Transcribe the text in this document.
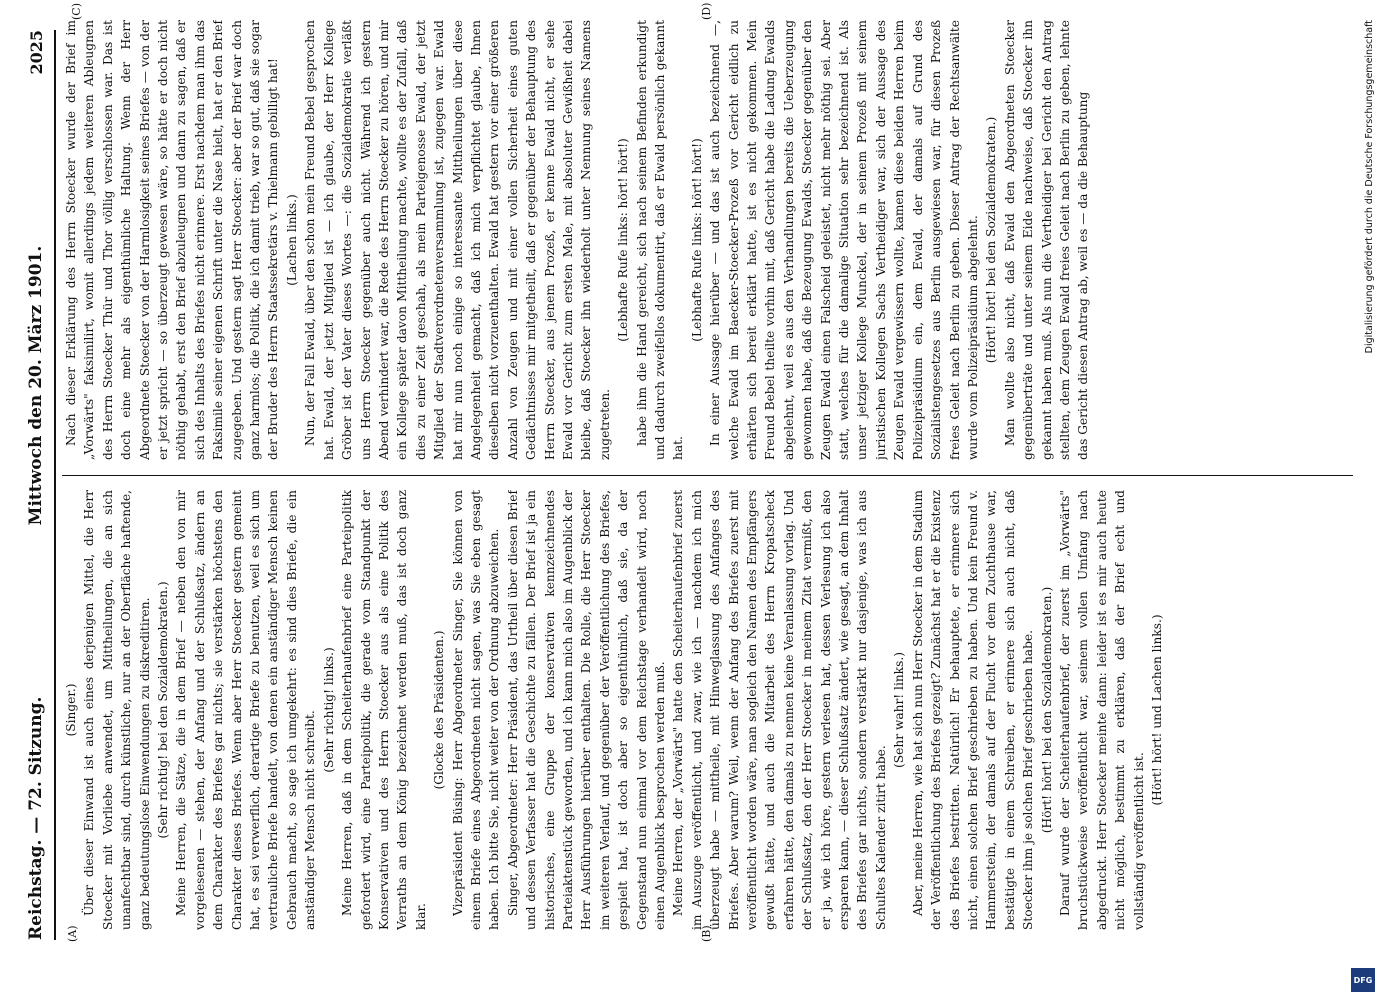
Reichstag. — 72. Sitzung.
Mittwoch den 20. März 1901.
2025
(A)	(B)
(C)	(D)

(Singer.) Über dieser Einwand ist auch eines derjenigen Mittel, die Herr Stoecker mit Vorliebe anwendet, um Mittheilungen, die an sich unanfechtbar sind, durch künstliche, nur an der Oberfläche haftende, ganz bedeutungslose Einwendungen zu diskreditiren. (Sehr richtig! bei den Sozialdemokraten.) Meine Herren, die Sätze, die in dem Brief — neben den von mir vorgelesenen — stehen, der Anfang und der Schlußsatz, ändern an dem Charakter des Briefes gar nichts; sie verstärken höchstens den Charakter dieses Briefes. Wenn aber Herr Stoecker gestern gemeint hat, es sei verwerflich, derartige Briefe zu benutzen, weil es sich um vertrauliche Briefe handelt, von denen ein anständiger Mensch keinen Gebrauch macht, so sage ich umgekehrt: es sind dies Briefe, die ein anständiger Mensch nicht schreibt.

(Sehr richtig! links.) Meine Herren, daß in dem Scheiterhaufenbrief eine Parteipolitik gefordert wird, eine Parteipolitik, die gerade vom Standpunkt der Konservativen und des Herrn Stoecker aus als eine Politik des Verraths an dem König bezeichnet werden muß, das ist doch ganz klar.

(Glocke des Präsidenten.) Vizepräsident Büsing: Herr Abgeordneter Singer, Sie können von einem Briefe eines Abgeordneten nicht sagen, was Sie eben gesagt haben. Ich bitte Sie, nicht weiter von der Ordnung abzuweichen. Singer, Abgeordneter: Herr Präsident, das Urtheil über diesen Brief und dessen Verfasser hat die Geschichte zu fällen. Der Brief ist ja ein historisches, eine Gruppe der konservativen kennzeichnendes Parteiaktenstück geworden, und ich kann mich also im Augenblick der Herr Ausführungen hierüber enthalten. Die Rolle, die Herr Stoecker im weiteren Verlauf, und gegenüber der Veröffentlichung des Briefes, gespielt hat, ist doch aber so eigenthümlich, daß sie, da der Gegenstand nun einmal vor dem Reichstage verhandelt wird, noch einen Augenblick besprochen werden muß. Meine Herren, der „Vorwärts" hatte den Scheiterhaufenbrief zuerst im Auszuge veröffentlicht, und zwar, wie ich — nachdem ich mich überzeugt habe — mittheile, mit Hinweglassung des Anfanges des Briefes. Aber warum? Weil, wenn der Anfang des Briefes zuerst mit veröffentlicht worden wäre, man sogleich den Namen des Empfängers gewußt hätte, und auch die Mitarbeit des Herrn Kropatscheck erfahren hätte, den damals zu nennen keine Veranlassung vorlag. Und der Schlußsatz, den der Herr Stoecker in meinem Zitat vermißt, den er ja, wie ich höre, gestern verlesen hat, dessen Verlesung ich also ersparen kann, — dieser Schlußsatz ändert, wie gesagt, an dem Inhalt des Briefes gar nichts, sondern verstärkt nur dasjenige, was ich aus Schultes Kalender zitirt habe.

(Sehr wahr! links.) Aber, meine Herren, wie hat sich nun Herr Stoecker in dem Stadium der Veröffentlichung des Briefes gezeigt? Zunächst hat er die Existenz des Briefes bestritten. Natürlich! Er behauptete, er erinnere sich nicht, einen solchen Brief geschrieben zu haben. Und kein Freund v. Hammerstein, der damals auf der Flucht vor dem Zuchthause war, bestätigte in einem Schreiben, er erinnere sich auch nicht, daß Stoecker ihm je solchen Brief geschrieben habe. (Hört! hört! bei den Sozialdemokraten.) Darauf wurde der Scheiterhaufenbrief, der zuerst im „Vorwärts" bruchstückweise veröffentlicht war, seinem vollen Umfang nach abgedruckt. Herr Stoecker meinte dann: leider ist es mir auch heute nicht möglich, bestimmt zu erklären, daß der Brief echt und vollständig veröffentlicht ist.

(Hört! hört! und Lachen links.)

Nach dieser Erklärung des Herrn Stoecker wurde der Brief im „Vorwärts" faksimilirt, womit allerdings jedem weiteren Ableugnen des Herrn Stoecker Thür und Thor völlig verschlossen war. Das ist doch eine mehr als eigenthümliche Haltung. Wenn der Herr Abgeordnete Stoecker von der Harmlosigkeit seines Briefes — von der er jetzt spricht — so überzeugt gewesen wäre, so hätte er doch nicht nöthig gehabt, erst den Brief abzuleugnen und dann zu sagen, daß er sich des Inhalts des Briefes nicht erinnere. Erst nachdem man ihm das Faksimile seiner eigenen Schrift unter die Nase hielt, hat er den Brief zugegeben. Und gestern sagt Herr Stoecker: aber der Brief war doch ganz harmlos; die Politik, die ich damit trieb, war so gut, daß sie sogar der Bruder des Herrn Staatssekretärs v. Thielmann gebilligt hat! (Lachen links.) Nun, der Fall Ewald, über den schon mein Freund Bebel gesprochen hat. Ewald, der jetzt Mitglied ist — ich glaube, der Herr Kollege Gröber ist der Vater dieses Wortes —: die Sozialdemokratie verläßt uns Herrn Stoecker gegenüber auch nicht. Während ich gestern Abend verhindert war, die Rede des Herrn Stoecker zu hören, und mir ein Kollege später davon Mittheilung machte, wollte es der Zufall, daß dies zu einer Zeit geschah, als mein Parteigenosse Ewald, der jetzt Mitglied der Stadtverordnetenversammlung ist, zugegen war. Ewald hat mir nun noch einige so interessante Mittheilungen über diese Angelegenheit gemacht, daß ich mich verpflichtet glaube, Ihnen dieselben nicht vorzuenthalten. Ewald hat gestern vor einer größeren Anzahl von Zeugen und mit einer vollen Sicherheit eines guten Gedächtnisses mir mitgetheilt, daß er gegenüber der Behauptung des Herrn Stoecker, aus jenem Prozeß, er kenne Ewald nicht, er sehe Ewald vor Gericht zum ersten Male, mit absoluter Gewißheit dabei bleibe, daß Stoecker ihn wiederholt unter Nennung seines Namens zugetreten.

(Lebhafte Rufe links: hört! hört!) habe ihm die Hand gereicht, sich nach seinem Befinden erkundigt und dadurch zweifellos dokumentirt, daß er Ewald persönlich gekannt hat.

(Lebhafte Rufe links: hört! hört!) In einer Aussage hierüber — und das ist auch bezeichnend —, welche Ewald im Baecker-Stoecker-Prozeß vor Gericht eidlich zu erhärten sich bereit erklärt hatte, ist es nicht gekommen. Mein Freund Bebel theilte vorhin mit, daß Gericht habe die Ladung Ewalds abgelehnt, weil es aus den Verhandlungen bereits die Ueberzeugung gewonnen habe, daß die Bezeugung Ewalds, Stoecker gegenüber den Zeugen Ewald einen Falscheid geleistet, nicht mehr nöthig sei. Aber statt, welches für die damalige Situation sehr bezeichnend ist. Als unser jetziger Kollege Munckel, der in seinem Prozeß mit seinem juristischen Kollegen Sachs Vertheidiger war, sich der Aussage des Zeugen Ewald vergewissern wollte, kamen diese beiden Herren beim Polizeipräsidium ein, dem Ewald, der damals auf Grund des Sozialistengesetzes aus Berlin ausgewiesen war, für diesen Prozeß freies Geleit nach Berlin zu geben. Dieser Antrag der Rechtsanwälte wurde vom Polizeipräsidium abgelehnt. (Hört! hört! bei den Sozialdemokraten.) Man wollte also nicht, daß Ewald den Abgeordneten Stoecker gegenüberträte und unter seinem Eide nachweise, daß Stoecker ihn gekannt haben muß. Als nun die Vertheidiger bei Gericht den Antrag stellten, dem Zeugen Ewald freies Geleit nach Berlin zu geben, lehnte das Gericht diesen Antrag ab, weil es — da die Behauptung	Digitalisierung gefördert durch die Deutsche Forschungsgemeinschaft
DFG
